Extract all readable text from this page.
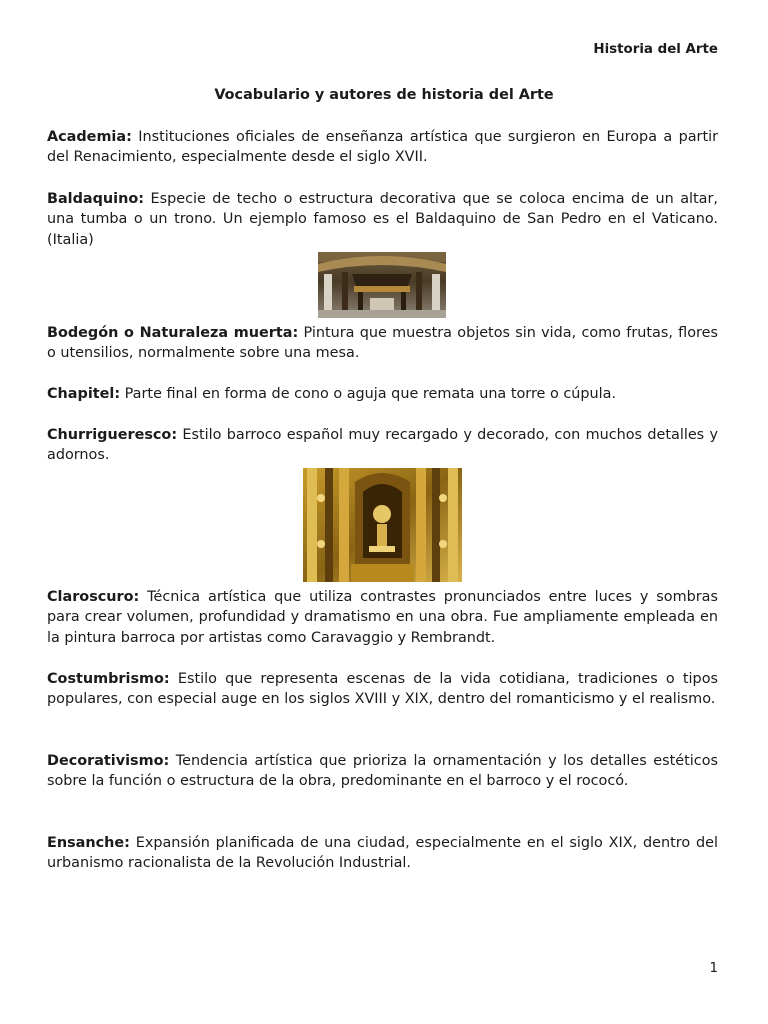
Historia del Arte
Vocabulario y autores de historia del Arte

Academia: Instituciones oficiales de enseñanza artística que surgieron en Europa a partir del Renacimiento, especialmente desde el siglo XVII.

Baldaquino: Especie de techo o estructura decorativa que se coloca encima de un altar, una tumba o un trono. Un ejemplo famoso es el Baldaquino de San Pedro en el Vaticano. (Italia)

Bodegón o Naturaleza muerta: Pintura que muestra objetos sin vida, como frutas, flores o utensilios, normalmente sobre una mesa.

Chapitel: Parte final en forma de cono o aguja que remata una torre o cúpula.

Churrigueresco: Estilo barroco español muy recargado y decorado, con muchos detalles y adornos.

Claroscuro: Técnica artística que utiliza contrastes pronunciados entre luces y sombras para crear volumen, profundidad y dramatismo en una obra. Fue ampliamente empleada en la pintura barroca por artistas como Caravaggio y Rembrandt.

Costumbrismo: Estilo que representa escenas de la vida cotidiana, tradiciones o tipos populares, con especial auge en los siglos XVIII y XIX, dentro del romanticismo y el realismo.

Decorativismo: Tendencia artística que prioriza la ornamentación y los detalles estéticos sobre la función o estructura de la obra, predominante en el barroco y el rococó.

Ensanche: Expansión planificada de una ciudad, especialmente en el siglo XIX, dentro del urbanismo racionalista de la Revolución Industrial.

1
